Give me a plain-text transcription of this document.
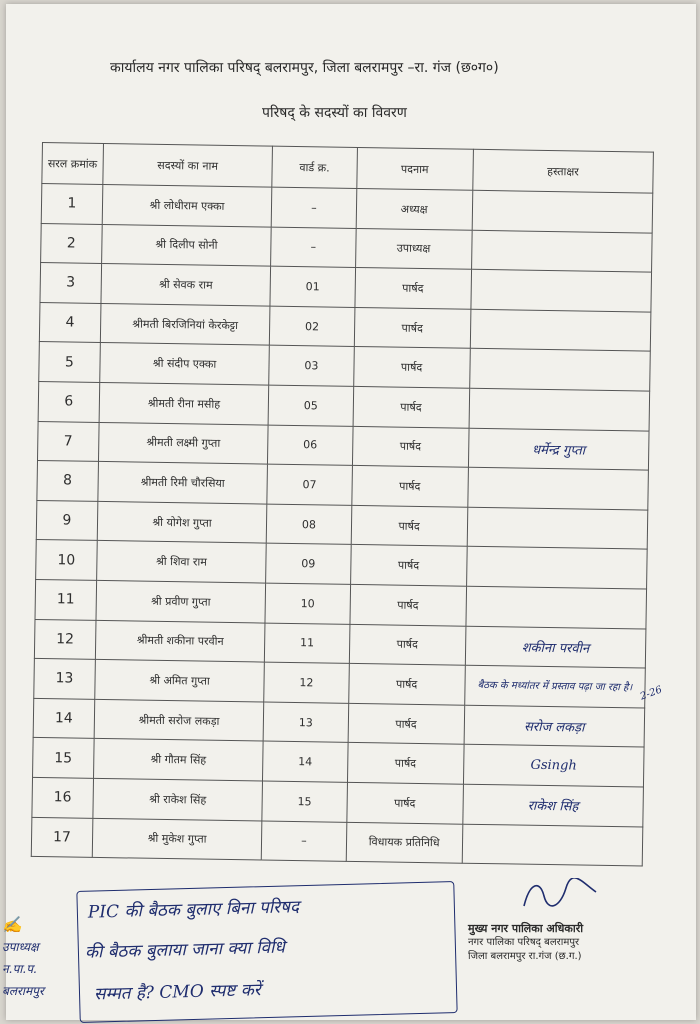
कार्यालय नगर पालिका परिषद् बलरामपुर, जिला बलरामपुर –रा. गंज (छ०ग०)
परिषद् के सदस्यों का विवरण
सरल क्रमांक	सदस्यों का नाम	वार्ड क्र.	पदनाम	हस्ताक्षर
1	श्री लोधीराम एक्का	–	अध्यक्ष	
2	श्री दिलीप सोनी	–	उपाध्यक्ष	
3	श्री सेवक राम	01	पार्षद	
4	श्रीमती बिरजिनियां केरकेट्टा	02	पार्षद	
5	श्री संदीप एक्का	03	पार्षद	
6	श्रीमती रीना मसीह	05	पार्षद	
7	श्रीमती लक्ष्मी गुप्ता	06	पार्षद	धर्मेन्द्र गुप्ता
8	श्रीमती रिमी चौरसिया	07	पार्षद	
9	श्री योगेश गुप्ता	08	पार्षद	
10	श्री शिवा राम	09	पार्षद	
11	श्री प्रवीण गुप्ता	10	पार्षद	
12	श्रीमती शकीना परवीन	11	पार्षद	शकीना परवीन
13	श्री अमित गुप्ता	12	पार्षद	बैठक के मध्यांतर में प्रस्ताव पढ़ा जा रहा है।
14	श्रीमती सरोज लकड़ा	13	पार्षद	सरोज लकड़ा
15	श्री गौतम सिंह	14	पार्षद	Gsingh
16	श्री राकेश सिंह	15	पार्षद	राकेश सिंह
17	श्री मुकेश गुप्ता	–	विधायक प्रतिनिधि	
2-26
PIC की बैठक बुलाए बिना परिषद
की बैठक बुलाया जाना क्या विधि
सम्मत है? CMO स्पष्ट करें
✍
उपाध्यक्ष
न.पा.प.
बलरामपुर
मुख्य नगर पालिका अधिकारी
नगर पालिका परिषद् बलरामपुर
जिला बलरामपुर रा.गंज (छ.ग.)
